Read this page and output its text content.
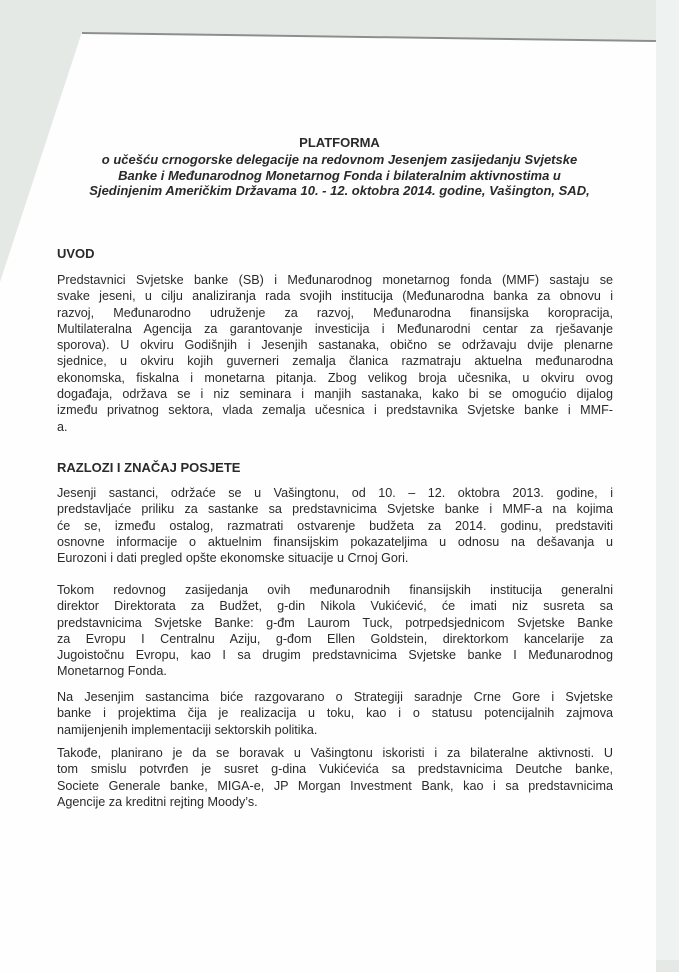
PLATFORMA
o učešću crnogorske delegacije na redovnom Jesenjem zasijedanju Svjetske
Banke i Međunarodnog Monetarnog Fonda i bilateralnim aktivnostima u
Sjedinjenim Američkim Državama 10. - 12. oktobra 2014. godine, Vašington, SAD,
UVOD
Predstavnici Svjetske banke (SB) i Međunarodnog monetarnog fonda (MMF) sastaju se
svake jeseni, u cilju analiziranja rada svojih institucija (Međunarodna banka za obnovu i
razvoj, Međunarodno udruženje za razvoj, Međunarodna finansijska koropracija,
Multilateralna Agencija za garantovanje investicija i Međunarodni centar za rješavanje
sporova). U okviru Godišnjih i Jesenjih sastanaka, obično se održavaju dvije plenarne
sjednice, u okviru kojih guverneri zemalja članica razmatraju aktuelna međunarodna
ekonomska, fiskalna i monetarna pitanja. Zbog velikog broja učesnika, u okviru ovog
događaja, održava se i niz seminara i manjih sastanaka, kako bi se omogućio dijalog
između privatnog sektora, vlada zemalja učesnica i predstavnika Svjetske banke i MMF-
a.
RAZLOZI I ZNAČAJ POSJETE
Jesenji sastanci, održaće se u Vašingtonu, od 10. – 12. oktobra 2013. godine, i
predstavljaće priliku za sastanke sa predstavnicima Svjetske banke i MMF-a na kojima
će se, između ostalog, razmatrati ostvarenje budžeta za 2014. godinu, predstaviti
osnovne informacije o aktuelnim finansijskim pokazateljima u odnosu na dešavanja u
Eurozoni i dati pregled opšte ekonomske situacije u Crnoj Gori.
Tokom redovnog zasijedanja ovih međunarodnih finansijskih institucija generalni
direktor Direktorata za Budžet, g-din Nikola Vukićević, će imati niz susreta sa
predstavnicima Svjetske Banke: g-đm Laurom Tuck, potrpedsjednicom Svjetske Banke
za Evropu I Centralnu Aziju, g-đom Ellen Goldstein, direktorkom kancelarije za
Jugoistočnu Evropu, kao I sa drugim predstavnicima Svjetske banke I Međunarodnog
Monetarnog Fonda.
Na Jesenjim sastancima biće razgovarano o Strategiji saradnje Crne Gore i Svjetske
banke i projektima čija je realizacija u toku, kao i o statusu potencijalnih zajmova
namijenjenih implementaciji sektorskih politika.
Takođe, planirano je da se boravak u Vašingtonu iskoristi i za bilateralne aktivnosti. U
tom smislu potvrđen je susret g-dina Vukićevića sa predstavnicima Deutche banke,
Societe Generale banke, MIGA-e, JP Morgan Investment Bank, kao i sa predstavnicima
Agencije za kreditni rejting Moody’s.
